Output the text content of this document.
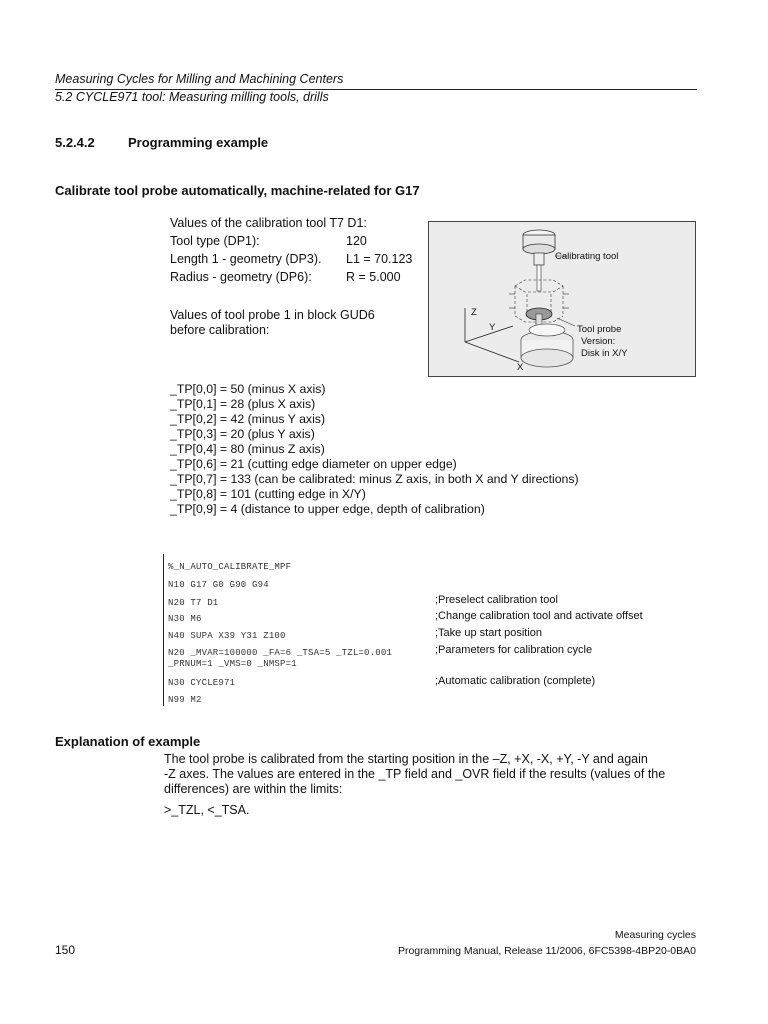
Measuring Cycles for Milling and Machining Centers
5.2 CYCLE971 tool: Measuring milling tools, drills
5.2.4.2	Programming example
Calibrate tool probe automatically, machine-related for G17
Values of the calibration tool T7 D1:
Tool type (DP1):	120
Length 1 - geometry (DP3). L1 = 70.123
Radius - geometry (DP6):	R = 5.000
Values of tool probe 1 in block GUD6
before calibration:
Calibrating tool
Tool probe
Version:
Disk in X/Y
Z
Y
X
_TP[0,0] = 50 (minus X axis)
_TP[0,1] = 28 (plus X axis)
_TP[0,2] = 42 (minus Y axis)
_TP[0,3] = 20 (plus Y axis)
_TP[0,4] = 80 (minus Z axis)
_TP[0,6] = 21 (cutting edge diameter on upper edge)
_TP[0,7] = 133 (can be calibrated: minus Z axis, in both X and Y directions)
_TP[0,8] = 101 (cutting edge in X/Y)
_TP[0,9] = 4 (distance to upper edge, depth of calibration)
%_N_AUTO_CALIBRATE_MPF
N10 G17 G0 G90 G94
N20 T7 D1	;Preselect calibration tool
N30 M6	;Change calibration tool and activate offset
N40 SUPA X39 Y31 Z100	;Take up start position
N20 _MVAR=100000 _FA=6 _TSA=5 _TZL=0.001
_PRNUM=1 _VMS=0 _NMSP=1
;Parameters for calibration cycle
N30 CYCLE971	;Automatic calibration (complete)
N99 M2
Explanation of example
The tool probe is calibrated from the starting position in the –Z, +X, -X, +Y, -Y and again
-Z axes. The values are entered in the _TP field and _OVR field if the results (values of the
differences) are within the limits:
>_TZL, <_TSA.
Measuring cycles
150	Programming Manual, Release 11/2006, 6FC5398-4BP20-0BA0
